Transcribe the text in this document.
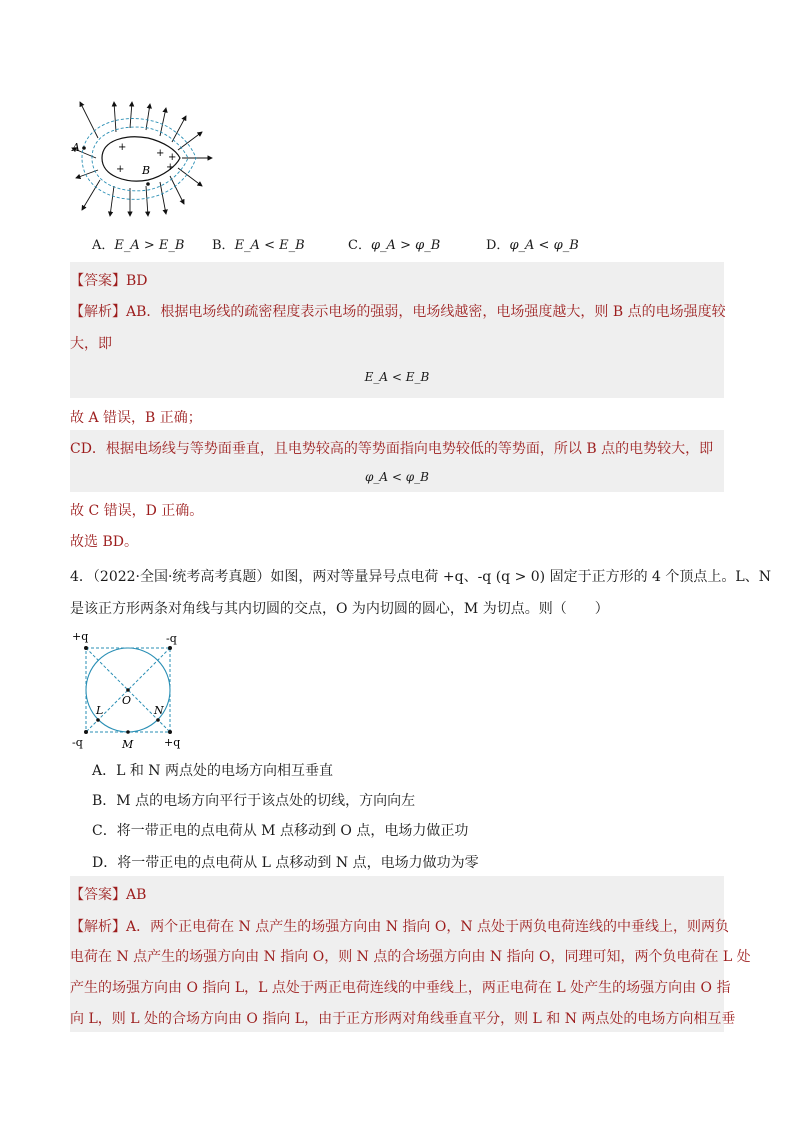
+
+
+ +
+
A
B
A．E_A > E_B B．E_A < E_B	C．φ_A > φ_B	D．φ_A < φ_B
【答案】BD
【解析】AB．根据电场线的疏密程度表示电场的强弱，电场线越密，电场强度越大，则 B 点的电场强度较
大，即
E_A < E_B
故 A 错误，B 正确；
CD．根据电场线与等势面垂直，且电势较高的等势面指向电势较低的等势面，所以 B 点的电势较大，即
φ_A < φ_B
故 C 错误，D 正确。
故选 BD。
4．（2022·全国·统考高考真题）如图，两对等量异号点电荷 +q、-q (q > 0) 固定于正方形的 4 个顶点上。L、N
是该正方形两条对角线与其内切圆的交点，O 为内切圆的圆心，M 为切点。则（　　）
+q	-q
-q	+q
L
O
N
M
A．L 和 N 两点处的电场方向相互垂直
B．M 点的电场方向平行于该点处的切线，方向向左
C．将一带正电的点电荷从 M 点移动到 O 点，电场力做正功
D．将一带正电的点电荷从 L 点移动到 N 点，电场力做功为零
【答案】AB
【解析】A．两个正电荷在 N 点产生的场强方向由 N 指向 O，N 点处于两负电荷连线的中垂线上，则两负
电荷在 N 点产生的场强方向由 N 指向 O，则 N 点的合场强方向由 N 指向 O，同理可知，两个负电荷在 L 处
产生的场强方向由 O 指向 L，L 点处于两正电荷连线的中垂线上，两正电荷在 L 处产生的场强方向由 O 指
向 L，则 L 处的合场方向由 O 指向 L，由于正方形两对角线垂直平分，则 L 和 N 两点处的电场方向相互垂
